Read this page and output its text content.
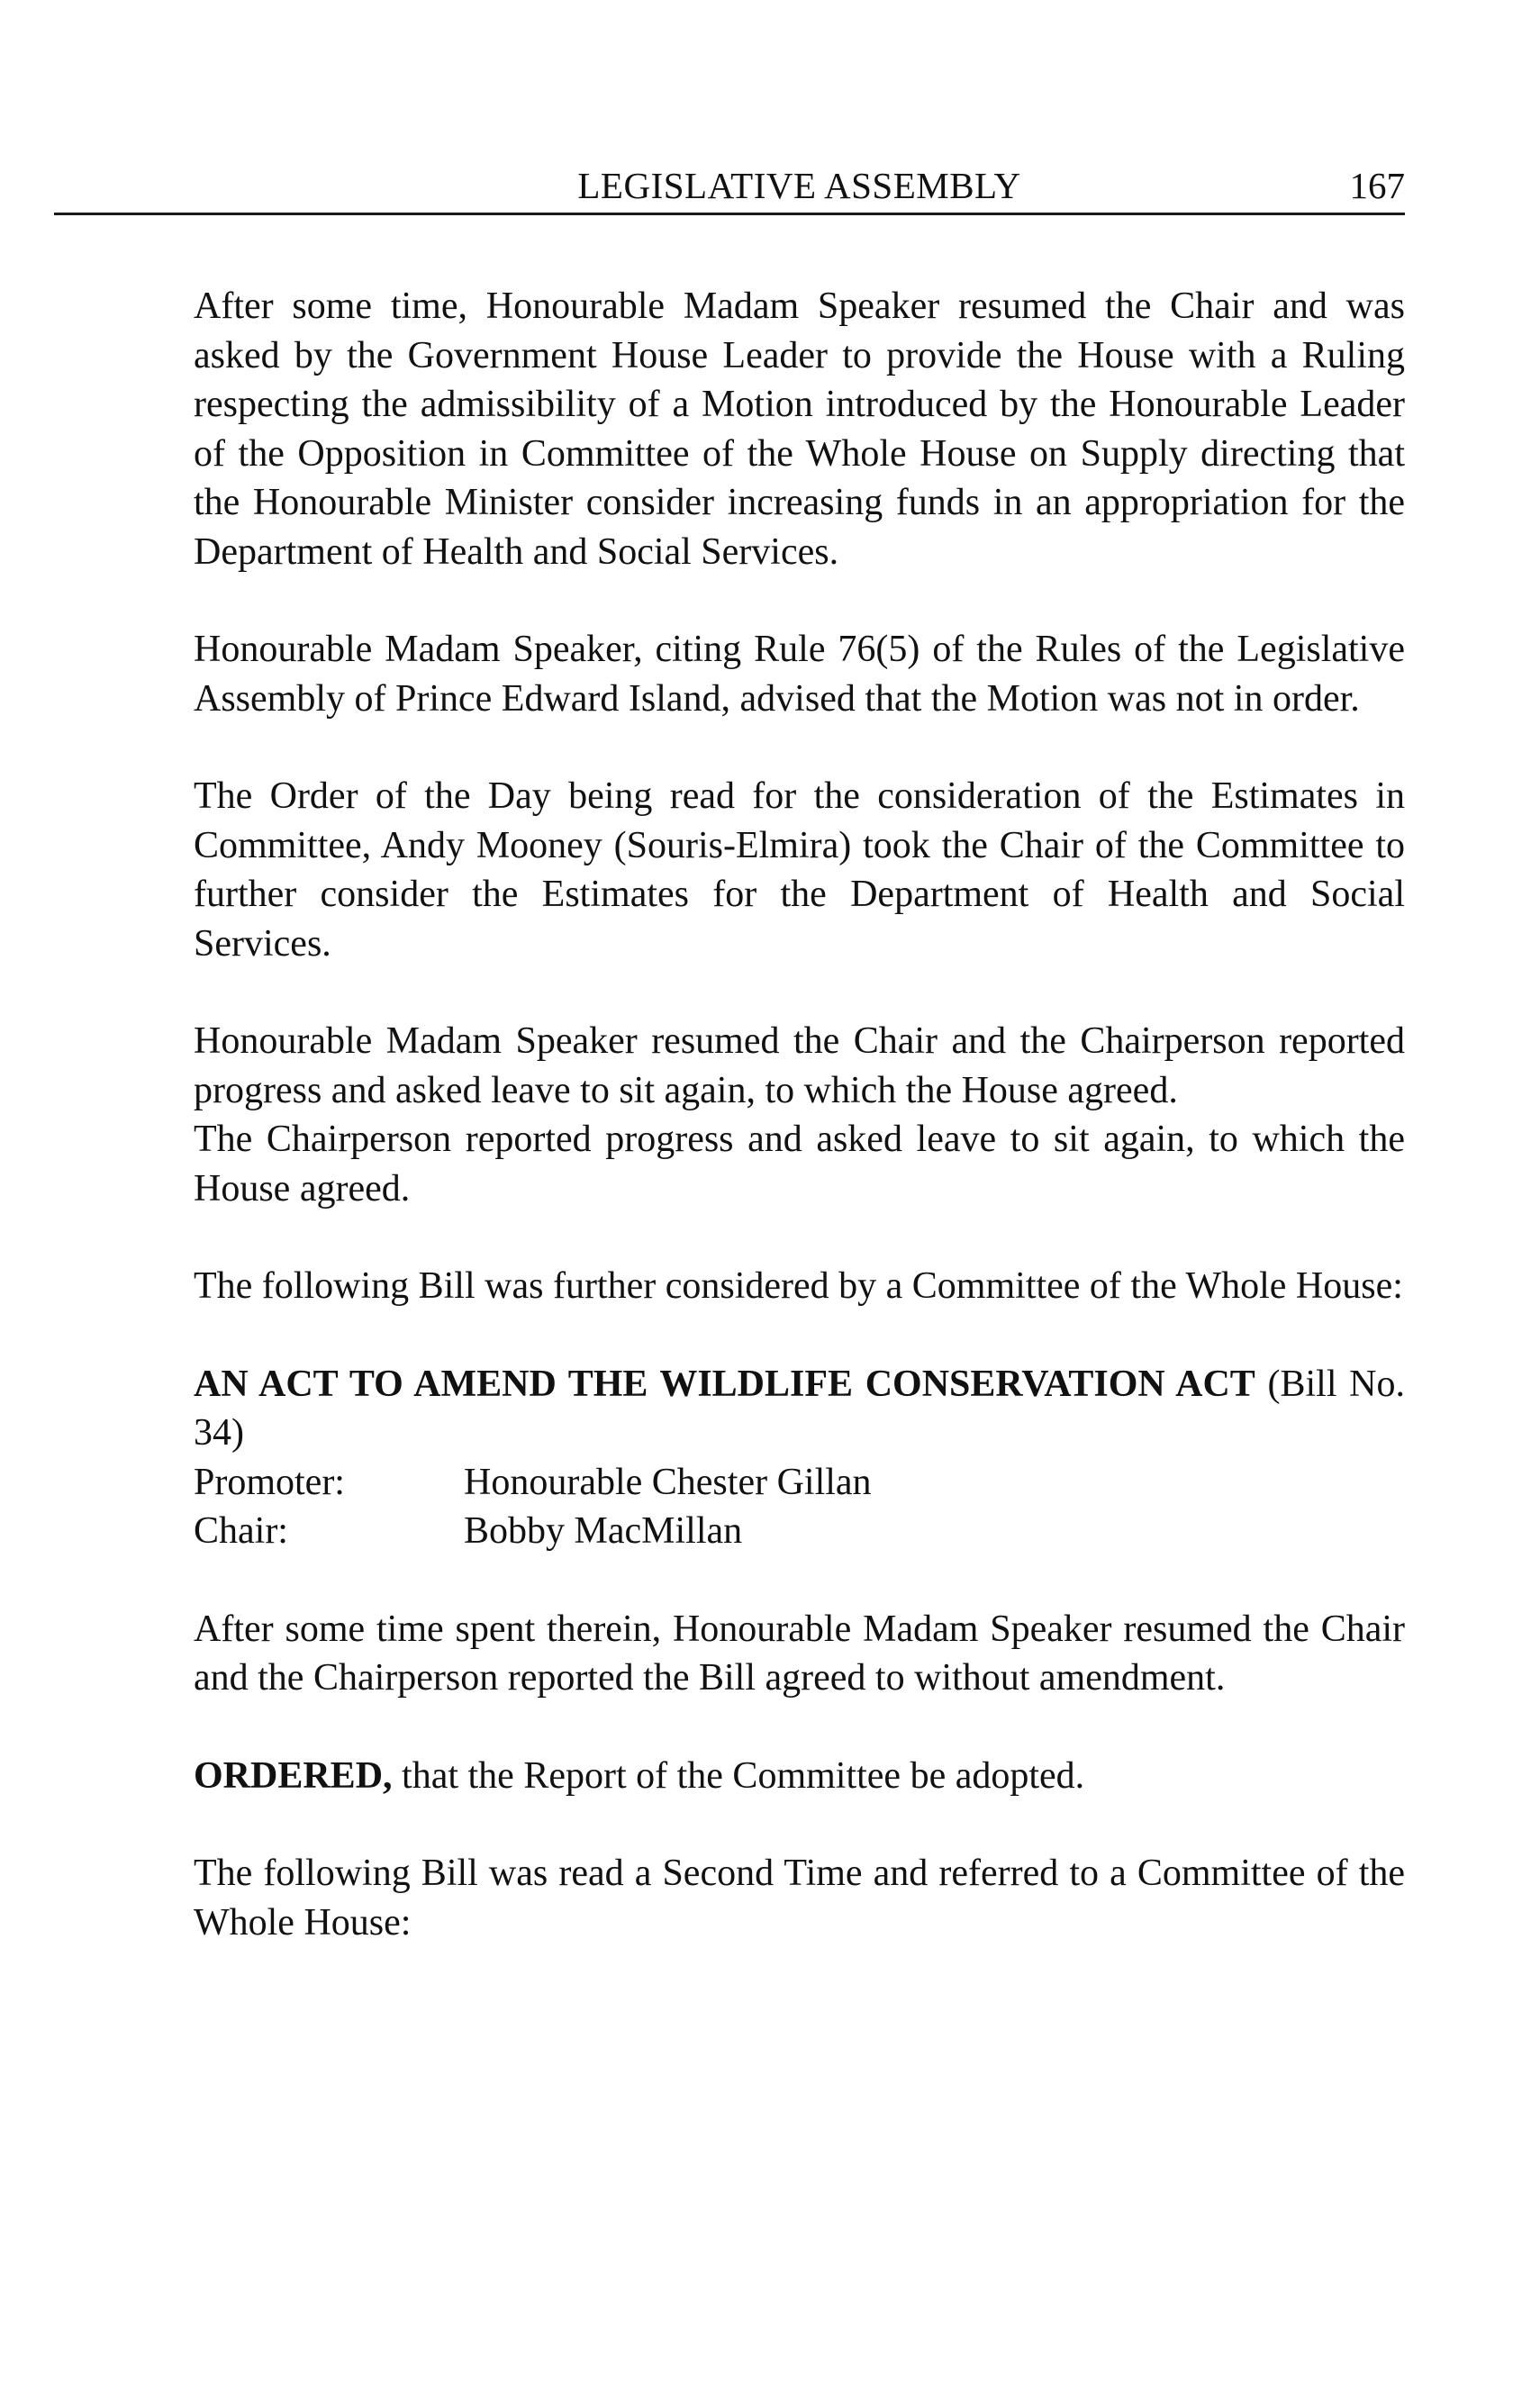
LEGISLATIVE ASSEMBLY	167

After some time, Honourable Madam Speaker resumed the Chair and was asked by the Government House Leader to provide the House with a Ruling respecting the admissibility of a Motion introduced by the Honourable Leader of the Opposition in Committee of the Whole House on Supply directing that the Honourable Minister consider increasing funds in an appropriation for the Department of Health and Social Services.

Honourable Madam Speaker, citing Rule 76(5) of the Rules of the Legislative Assembly of Prince Edward Island, advised that the Motion was not in order.

The Order of the Day being read for the consideration of the Estimates in Committee, Andy Mooney (Souris-Elmira) took the Chair of the Committee to further consider the Estimates for the Department of Health and Social Services.

Honourable Madam Speaker resumed the Chair and the Chairperson reported progress and asked leave to sit again, to which the House agreed.

The Chairperson reported progress and asked leave to sit again, to which the House agreed.

The following Bill was further considered by a Committee of the Whole House:

AN ACT TO AMEND THE WILDLIFE CONSERVATION ACT (Bill No. 34)

Promoter:	Honourable Chester Gillan
Chair:	Bobby MacMillan

After some time spent therein, Honourable Madam Speaker resumed the Chair and the Chairperson reported the Bill agreed to without amendment.

ORDERED, that the Report of the Committee be adopted.

The following Bill was read a Second Time and referred to a Committee of the Whole House:
